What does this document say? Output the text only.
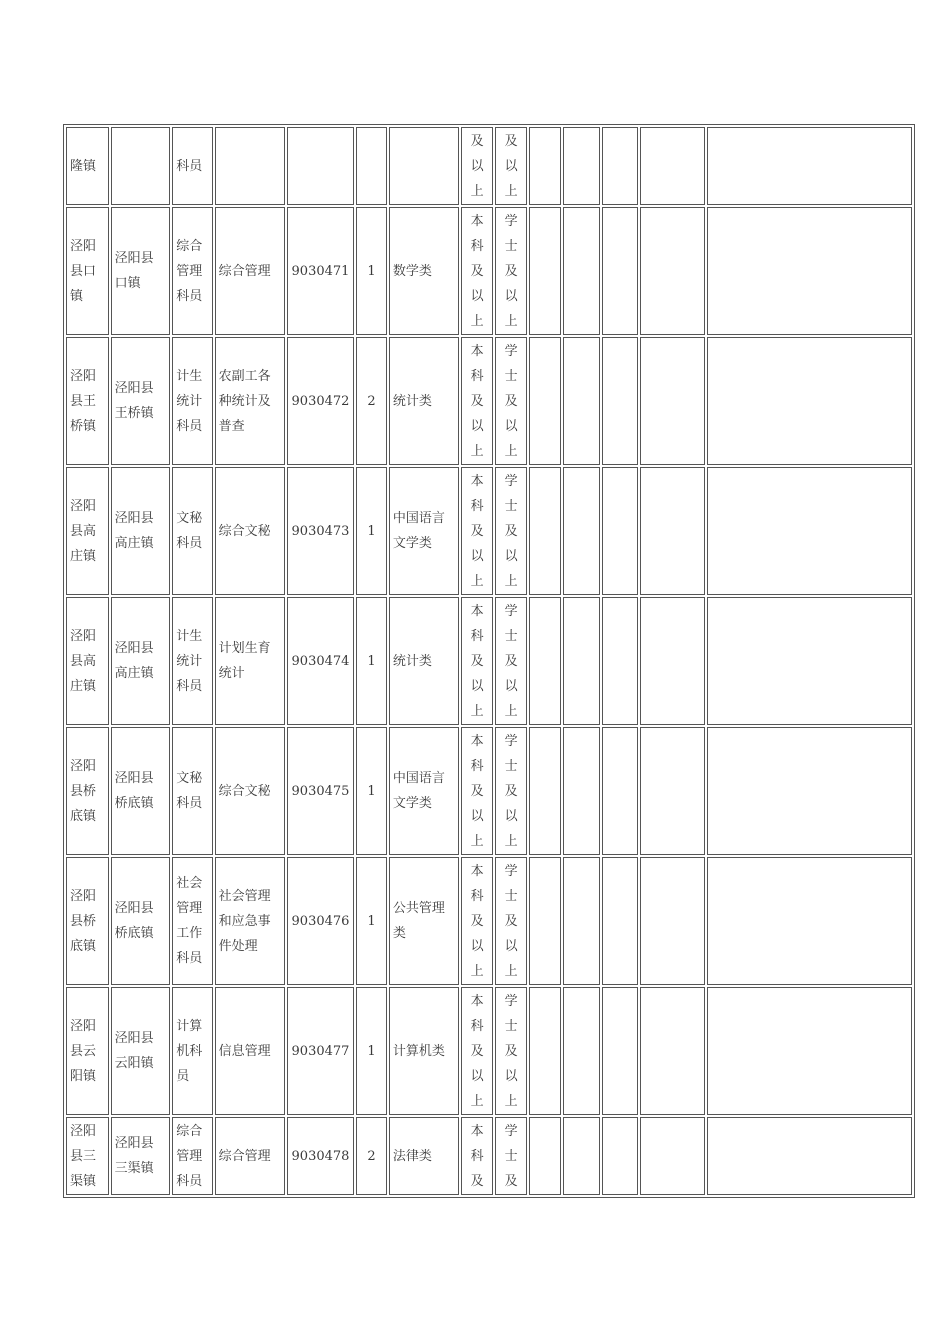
隆镇		科员					及以上	及以上					
泾阳县口镇	泾阳县口镇	综合管理科员	综合管理	9030471	1	数学类	本科及以上	学士及以上					
泾阳县王桥镇	泾阳县王桥镇	计生统计科员	农副工各种统计及普查	9030472	2	统计类	本科及以上	学士及以上					
泾阳县高庄镇	泾阳县高庄镇	文秘科员	综合文秘	9030473	1	中国语言文学类	本科及以上	学士及以上					
泾阳县高庄镇	泾阳县高庄镇	计生统计科员	计划生育统计	9030474	1	统计类	本科及以上	学士及以上					
泾阳县桥底镇	泾阳县桥底镇	文秘科员	综合文秘	9030475	1	中国语言文学类	本科及以上	学士及以上					
泾阳县桥底镇	泾阳县桥底镇	社会管理工作科员	社会管理和应急事件处理	9030476	1	公共管理类	本科及以上	学士及以上					
泾阳县云阳镇	泾阳县云阳镇	计算机科员	信息管理	9030477	1	计算机类	本科及以上	学士及以上					
泾阳县三渠镇	泾阳县三渠镇	综合管理科员	综合管理	9030478	2	法律类	本科及	学士及					
